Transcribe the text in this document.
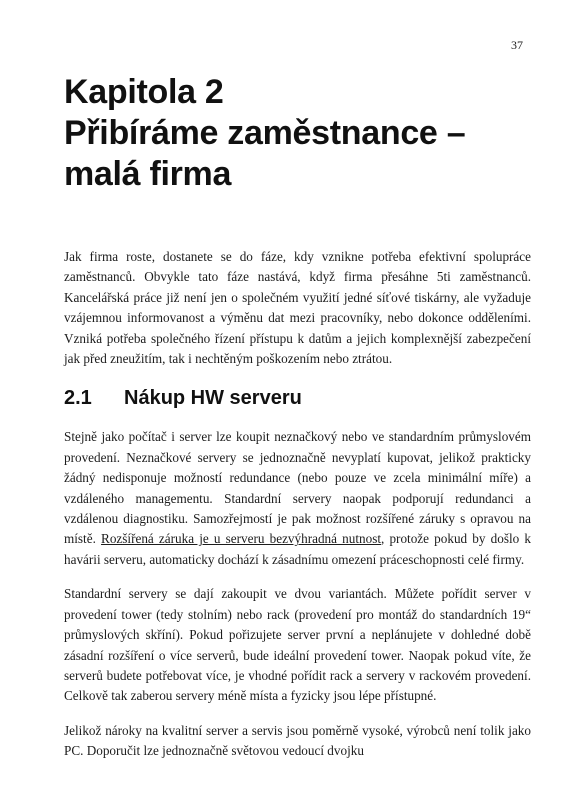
37
Kapitola 2
Přibíráme zaměstnance –
malá firma

Jak firma roste, dostanete se do fáze, kdy vznikne potřeba efektivní spolupráce zaměstnanců. Obvykle tato fáze nastává, když firma přesáhne 5ti zaměstnanců. Kancelářská práce již není jen o společném využití jedné síťové tiskárny, ale vyžaduje vzájemnou informovanost a výměnu dat mezi pracovníky, nebo dokonce odděleními. Vzniká potřeba společného řízení přístupu k datům a jejich komplexnější zabezpečení jak před zneužitím, tak i nechtěným poškozením nebo ztrátou.

2.1 Nákup HW serveru

Stejně jako počítač i server lze koupit neznačkový nebo ve standardním průmyslovém provedení. Neznačkové servery se jednoznačně nevyplatí kupovat, jelikož prakticky žádný nedisponuje možností redundance (nebo pouze ve zcela minimální míře) a vzdáleného managementu. Standardní servery naopak podporují redundanci a vzdálenou diagnostiku. Samozřejmostí je pak možnost rozšířené záruky s opravou na místě. Rozšířená záruka je u serveru bezvýhradná nutnost, protože pokud by došlo k havárii serveru, automaticky dochází k zásadnímu omezení práceschopnosti celé firmy.

Standardní servery se dají zakoupit ve dvou variantách. Můžete pořídit server v provedení tower (tedy stolním) nebo rack (provedení pro montáž do standardních 19“ průmyslových skříní). Pokud pořizujete server první a neplánujete v dohledné době zásadní rozšíření o více serverů, bude ideální provedení tower. Naopak pokud víte, že serverů budete potřebovat více, je vhodné pořídit rack a servery v rackovém provedení. Celkově tak zaberou servery méně místa a fyzicky jsou lépe přístupné.

Jelikož nároky na kvalitní server a servis jsou poměrně vysoké, výrobců není tolik jako PC. Doporučit lze jednoznačně světovou vedoucí dvojku
